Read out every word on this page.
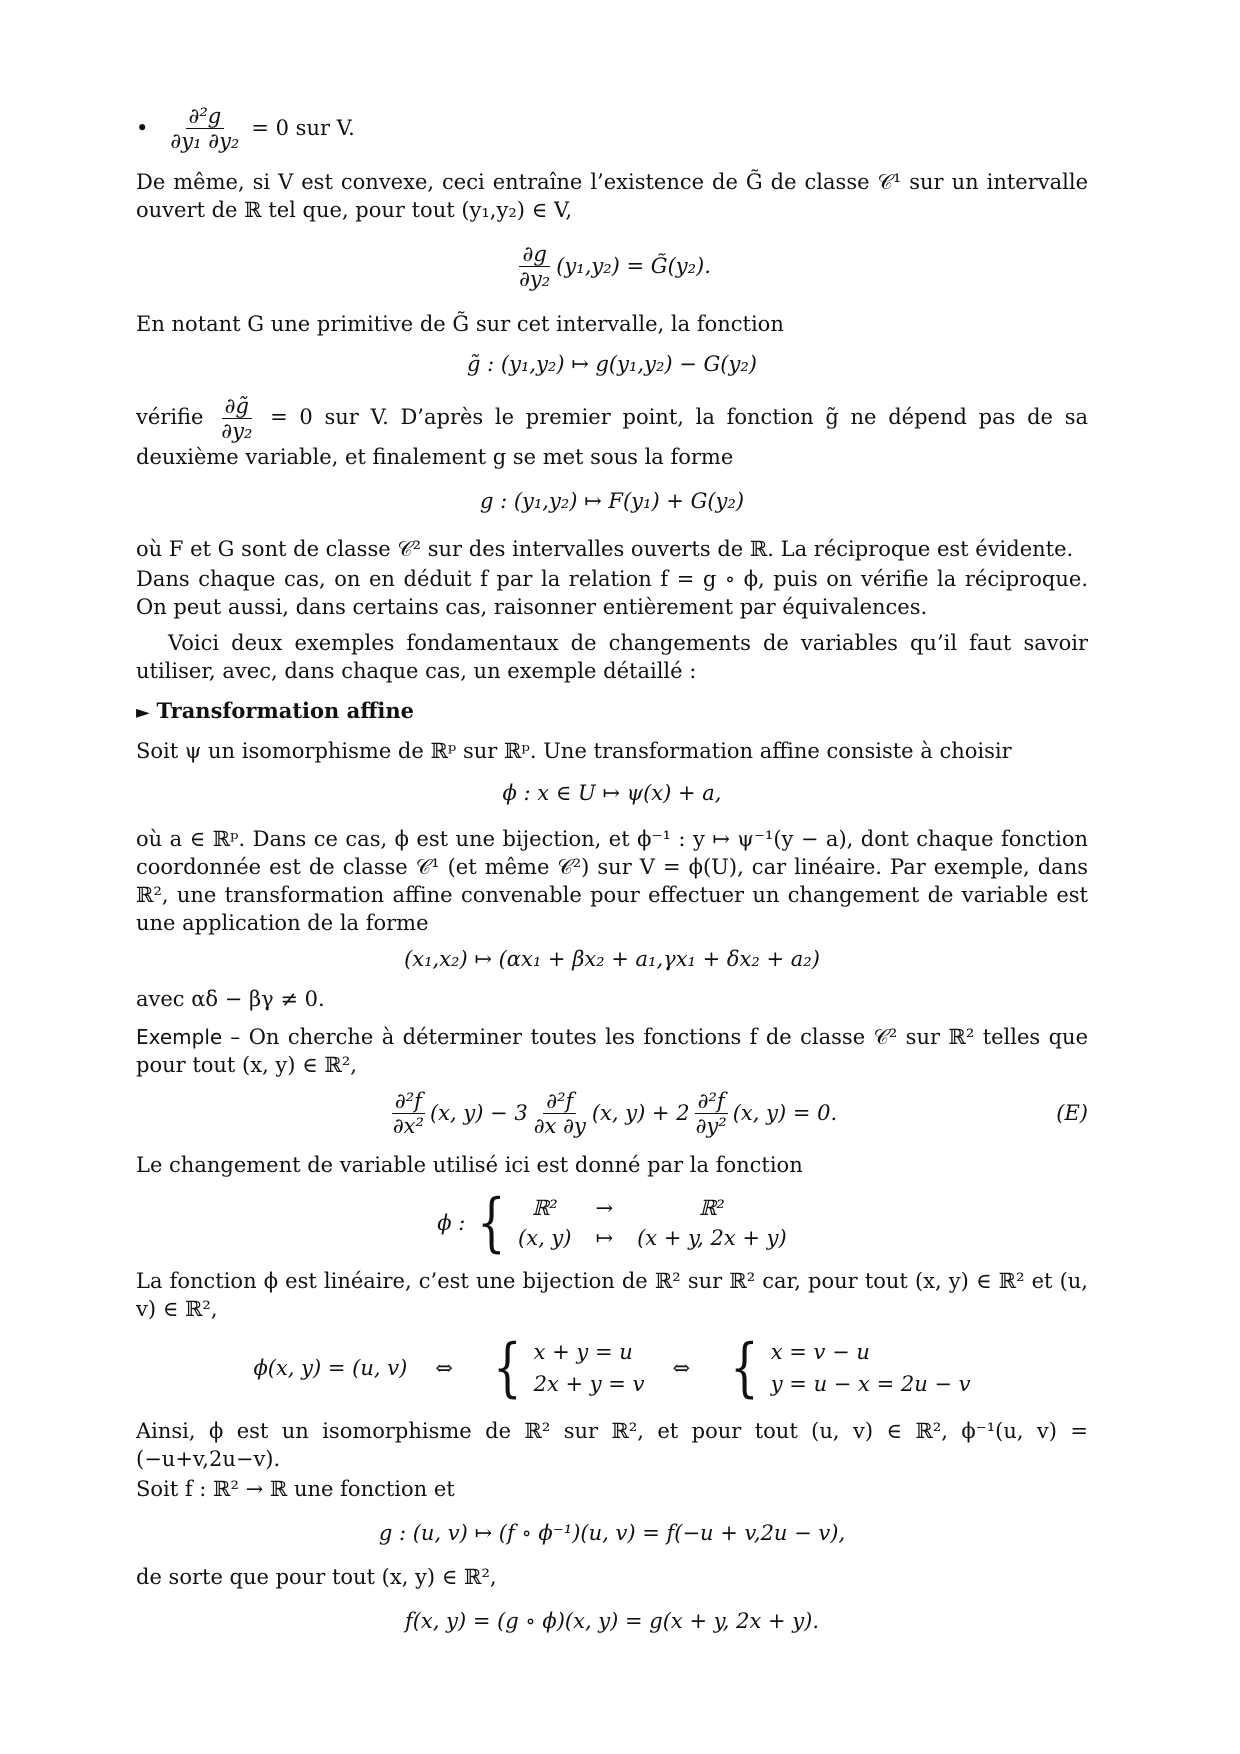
• $\frac{\text{∂²g}}{\text{∂y₁ ∂y₂}} = 0$ sur V.

De même, si V est convexe, ceci entraîne l’existence de G̃ de classe 𝒞¹ sur un intervalle ouvert de ℝ tel que, pour tout (y₁,y₂) ∈ V,

$\frac{\partial g}{\text{∂y₂}} (y_1,y_2)$ = G̃(y₂).

En notant G une primitive de G̃ sur cet intervalle, la fonction

g̃ : (y₁,y₂) ↦ g(y₁,y₂) − G(y₂)
vérifie $\frac{\partial g̃}{\text{∂y₂}} = 0$ sur V. D’après le premier point, la fonction g̃ ne dépend pas de sa deuxième variable, et finalement g se met sous la forme
g : (y₁,y₂) ↦ F(y₁) + G(y₂)

où F et G sont de classe 𝒞² sur des intervalles ouverts de ℝ. La réciproque est évidente.

Dans chaque cas, on en déduit f par la relation f = g ∘ ϕ, puis on vérifie la réciproque. On peut aussi, dans certains cas, raisonner entièrement par équivalences.

Voici deux exemples fondamentaux de changements de variables qu’il faut savoir utiliser, avec, dans chaque cas, un exemple détaillé :

► Transformation affine

Soit ψ un isomorphisme de ℝᵖ sur ℝᵖ. Une transformation affine consiste à choisir

ϕ : x ∈ U ↦ ψ(x) + a,

où a ∈ ℝᵖ. Dans ce cas, ϕ est une bijection, et ϕ⁻¹ : y ↦ ψ⁻¹(y − a), dont chaque fonction coordonnée est de classe 𝒞¹ (et même 𝒞²) sur V = ϕ(U), car linéaire. Par exemple, dans ℝ², une transformation affine convenable pour effectuer un changement de variable est une application de la forme

(x₁,x₂) ↦ (αx₁ + βx₂ + a₁,γx₁ + δx₂ + a₂)

avec αδ − βγ ≠ 0.

Exemple – On cherche à déterminer toutes les fonctions f de classe 𝒞² sur ℝ² telles que pour tout (x, y) ∈ ℝ²,
$\frac{\text{∂²f}}{\text{∂x²}} (x$, $y) - 3 \frac{\text{∂²f}}{\partial x \partial y} (x$, $y) + 2 \frac{\text{∂²f}}{\text{∂y²}} (x$, y) = 0.	(E)

Le changement de variable utilisé ici est donné par la fonction

ϕ : {	ℝ²	→	ℝ²
(x, y) ↦ (x + y, 2x + y)

La fonction ϕ est linéaire, c’est une bijection de ℝ² sur ℝ² car, pour tout (x, y) ∈ ℝ² et (u, v) ∈ ℝ²,

ϕ(x, y) = (u, v) ⇔ { x + y = u
2x + y = v
⇔ { x = v − u
y = u − x = 2u − v

Ainsi, ϕ est un isomorphisme de ℝ² sur ℝ², et pour tout (u, v) ∈ ℝ², ϕ⁻¹(u, v) = (−u+v,2u−v).

Soit f : ℝ² → ℝ une fonction et

g : (u, v) ↦ (f ∘ ϕ⁻¹)(u, v) = f(−u + v,2u − v),

de sorte que pour tout (x, y) ∈ ℝ²,

f(x, y) = (g ∘ ϕ)(x, y) = g(x + y, 2x + y).
